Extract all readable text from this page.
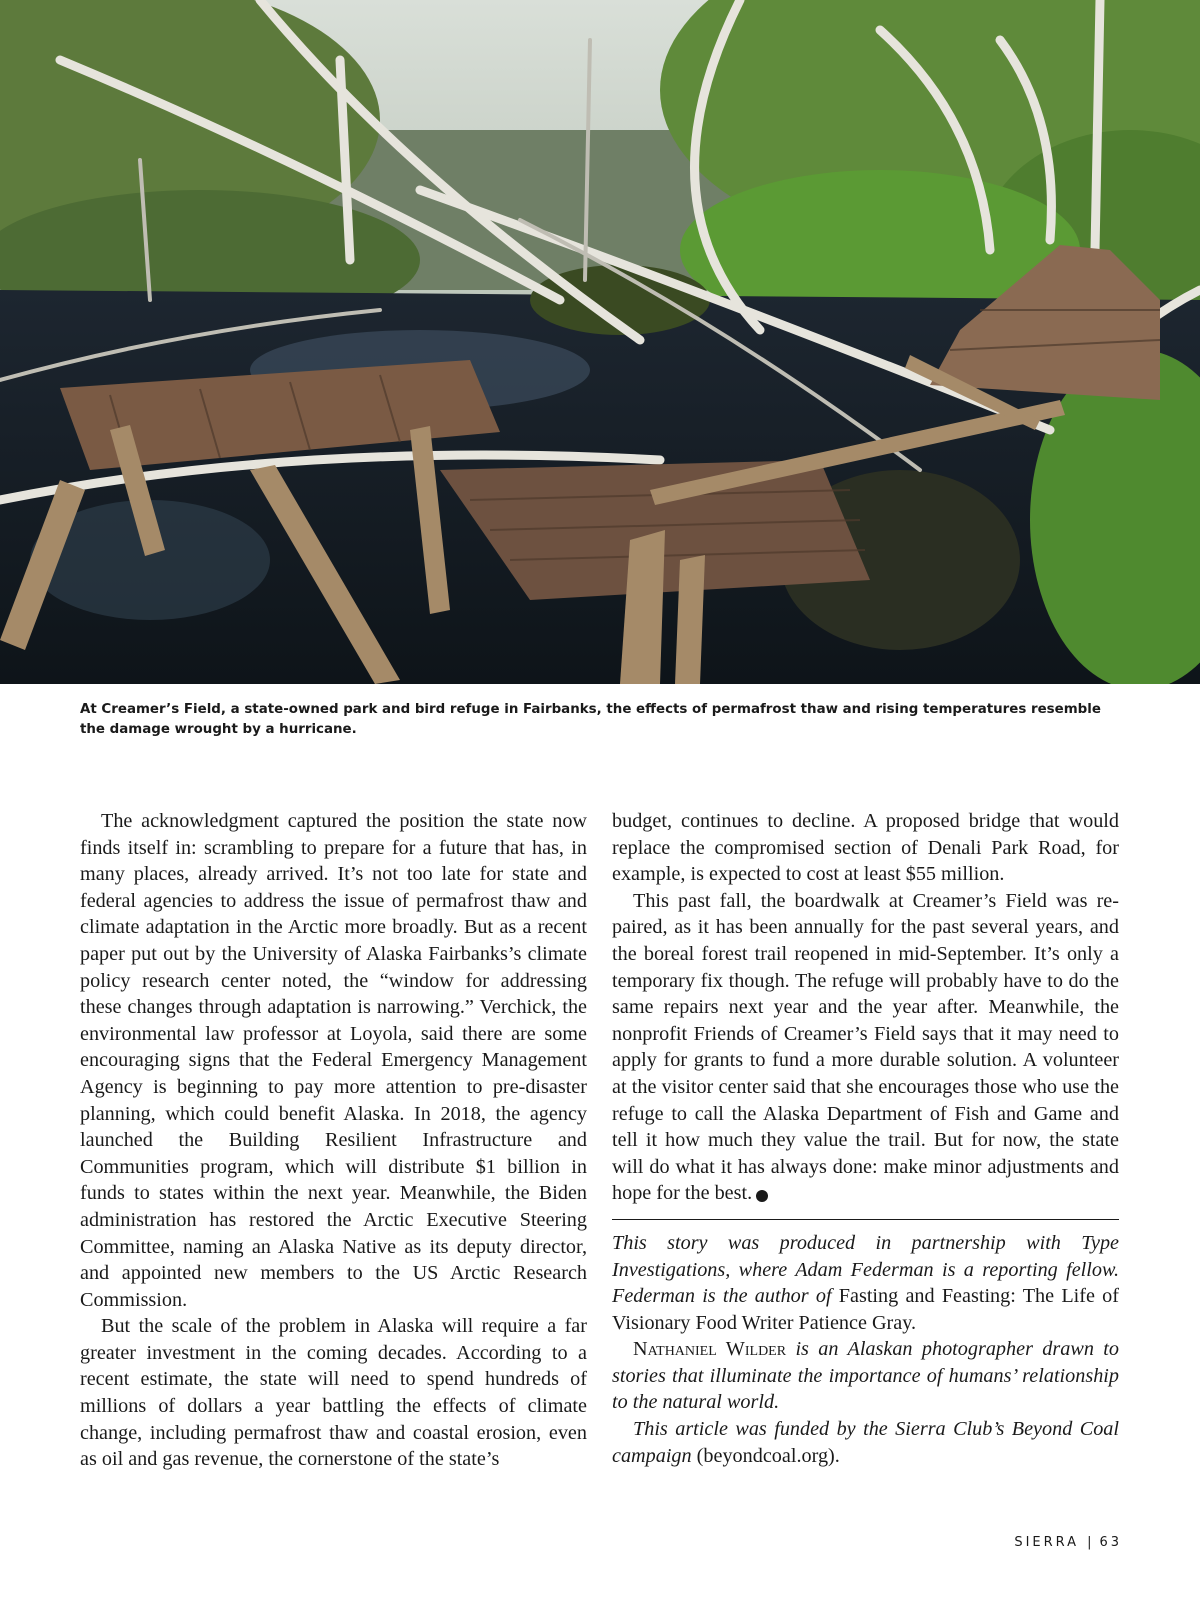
At Creamer’s Field, a state-owned park and bird refuge in Fairbanks, the effects of permafrost thaw and rising temperatures resemble the damage wrought by a hurricane.

The acknowledgment captured the position the state now finds itself in: scrambling to prepare for a future that has, in many places, already arrived. It’s not too late for state and federal agencies to address the issue of permafrost thaw and climate adaptation in the Arctic more broadly. But as a recent paper put out by the University of Alaska Fairbanks’s climate policy research center noted, the “window for addressing these changes through adaptation is narrowing.” Verchick, the environmental law professor at Loyola, said there are some encouraging signs that the Federal Emergency Management Agency is beginning to pay more attention to pre-disaster planning, which could benefit Alaska. In 2018, the agency launched the Building Resilient Infrastructure and Communities program, which will distribute $1 billion in funds to states within the next year. Meanwhile, the Biden administration has restored the Arctic Executive Steering Committee, naming an Alaska Native as its deputy director, and appointed new members to the US Arctic Research Commission.

But the scale of the problem in Alaska will require a far greater investment in the coming decades. According to a recent estimate, the state will need to spend hundreds of millions of dollars a year battling the effects of climate change, including permafrost thaw and coastal erosion, even as oil and gas revenue, the cornerstone of the state’s

budget, continues to decline. A proposed bridge that would replace the compromised section of Denali Park Road, for example, is expected to cost at least $55 million.

This past fall, the boardwalk at Creamer’s Field was repaired, as it has been annually for the past several years, and the boreal forest trail reopened in mid-September. It’s only a temporary fix though. The refuge will probably have to do the same repairs next year and the year after. Meanwhile, the nonprofit Friends of Creamer’s Field says that it may need to apply for grants to fund a more durable solution. A volunteer at the visitor center said that she encourages those who use the refuge to call the Alaska Department of Fish and Game and tell it how much they value the trail. But for now, the state will do what it has always done: make minor adjustments and hope for the best.	S

This story was produced in partnership with Type Investigations, where Adam Federman is a reporting fellow. Federman is the author of Fasting and Feasting: The Life of Visionary Food Writer Patience Gray.

Nathaniel Wilder is an Alaskan photographer drawn to stories that illuminate the importance of humans’ relationship to the natural world.

This article was funded by the Sierra Club’s Beyond Coal campaign (beyondcoal.org).

SIERRA | 63
